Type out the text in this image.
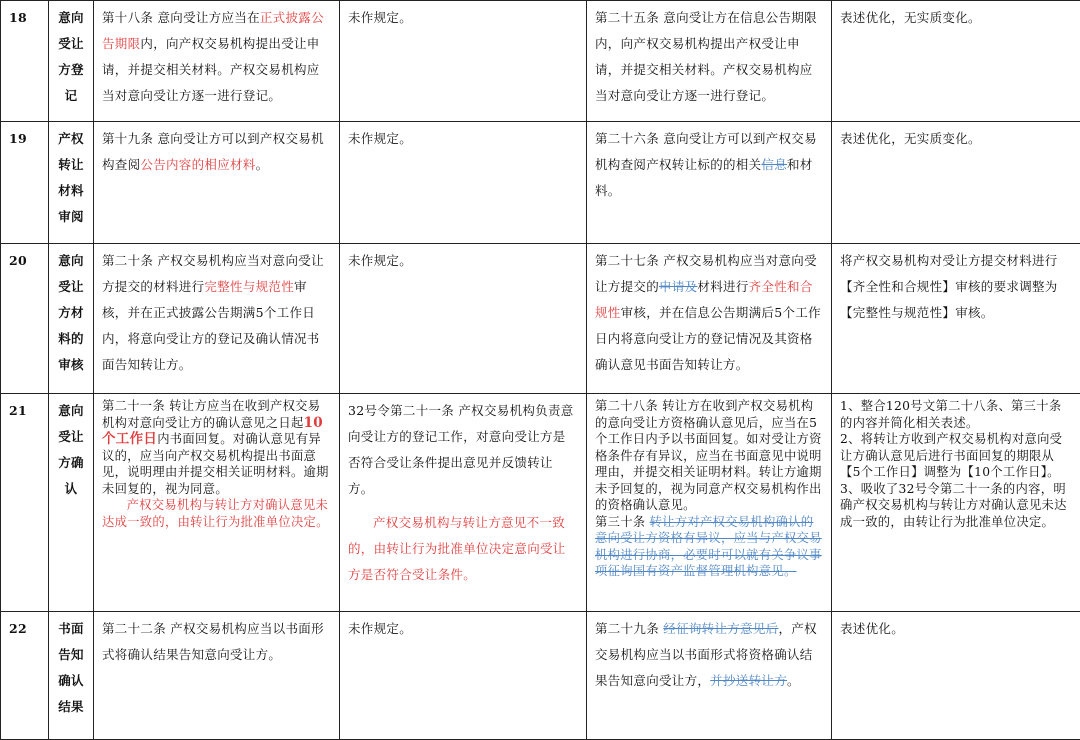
18	意向受让方登记	第十八条 意向受让方应当在正式披露公告期限内，向产权交易机构提出受让申请，并提交相关材料。产权交易机构应当对意向受让方逐一进行登记。	未作规定。	第二十五条 意向受让方在信息公告期限内，向产权交易机构提出产权受让申请，并提交相关材料。产权交易机构应当对意向受让方逐一进行登记。	表述优化，无实质变化。
19	产权转让材料审阅	第十九条 意向受让方可以到产权交易机构查阅公告内容的相应材料。	未作规定。	第二十六条 意向受让方可以到产权交易机构查阅产权转让标的的相关信息和材料。	表述优化，无实质变化。
20	意向受让方材料的审核	第二十条 产权交易机构应当对意向受让方提交的材料进行完整性与规范性审核，并在正式披露公告期满5个工作日内，将意向受让方的登记及确认情况书面告知转让方。	未作规定。	第二十七条 产权交易机构应当对意向受让方提交的申请及材料进行齐全性和合规性审核，并在信息公告期满后5个工作日内将意向受让方的登记情况及其资格确认意见书面告知转让方。	将产权交易机构对受让方提交材料进行【齐全性和合规性】审核的要求调整为【完整性与规范性】审核。
21	意向受让方确认	第二十一条 转让方应当在收到产权交易机构对意向受让方的确认意见之日起10个工作日内书面回复。对确认意见有异议的，应当向产权交易机构提出书面意见，说明理由并提交相关证明材料。逾期未回复的，视为同意。
产权交易机构与转让方对确认意见未达成一致的，由转让行为批准单位决定。	32号令第二十一条 产权交易机构负责意向受让方的登记工作，对意向受让方是否符合受让条件提出意见并反馈转让方。
产权交易机构与转让方意见不一致的，由转让行为批准单位决定意向受让方是否符合受让条件。	第二十八条 转让方在收到产权交易机构的意向受让方资格确认意见后，应当在5个工作日内予以书面回复。如对受让方资格条件存有异议，应当在书面意见中说明理由，并提交相关证明材料。转让方逾期未予回复的，视为同意产权交易机构作出的资格确认意见。
第三十条 转让方对产权交易机构确认的意向受让方资格有异议，应当与产权交易机构进行协商，必要时可以就有关争议事项征询国有资产监督管理机构意见。	1、整合120号文第二十八条、第三十条的内容并简化相关表述。
2、将转让方收到产权交易机构对意向受让方确认意见后进行书面回复的期限从【5个工作日】调整为【10个工作日】。
3、吸收了32号令第二十一条的内容，明确产权交易机构与转让方对确认意见未达成一致的，由转让行为批准单位决定。

22	书面告知确认结果	第二十二条 产权交易机构应当以书面形式将确认结果告知意向受让方。	未作规定。	第二十九条 经征询转让方意见后，产权交易机构应当以书面形式将资格确认结果告知意向受让方，并抄送转让方。	表述优化。
